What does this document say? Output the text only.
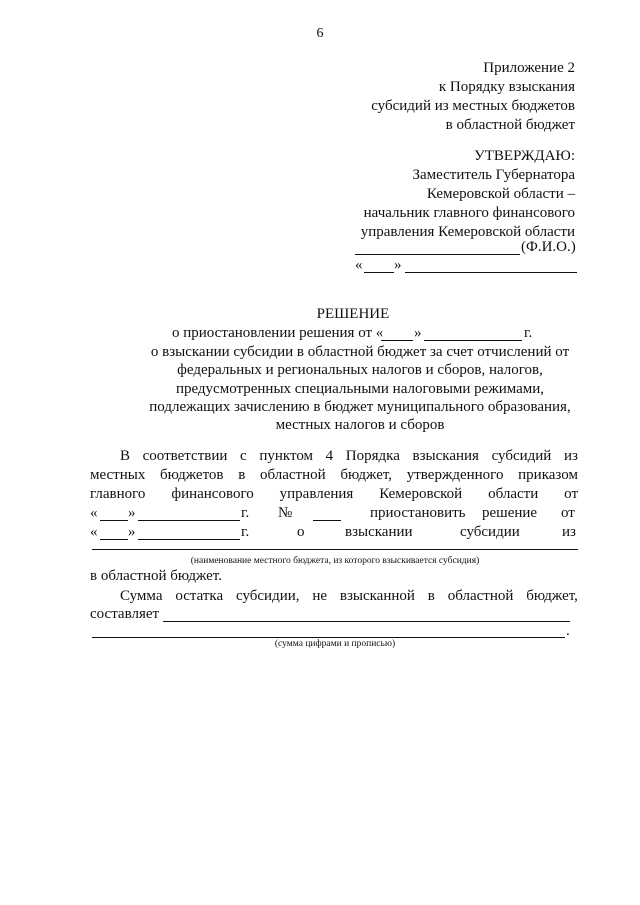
6
Приложение 2
к Порядку взыскания
субсидий из местных бюджетов
в областной бюджет
УТВЕРЖДАЮ:
Заместитель Губернатора
Кемеровской области –
начальник главного финансового
управления Кемеровской области
(Ф.И.О.)
« »
РЕШЕНИЕ
о приостановлении решения от « »	г.
о взыскании субсидии в областной бюджет за счет отчислений от
федеральных и региональных налогов и сборов, налогов,
предусмотренных специальными налоговыми режимами,
подлежащих зачислению в бюджет муниципального образования,
местных налогов и сборов
В соответствии с пунктом 4 Порядка взыскания субсидий из
местных бюджетов в областной бюджет, утвержденного приказом
главного финансового управления Кемеровской области от
« »	г. №	приостановить решение от
« »	г.	о	взыскании	субсидии	из
(наименование местного бюджета, из которого взыскивается субсидия)
в областной бюджет.
Сумма остатка субсидии, не взысканной в областной бюджет,
составляет
.
(сумма цифрами и прописью)
